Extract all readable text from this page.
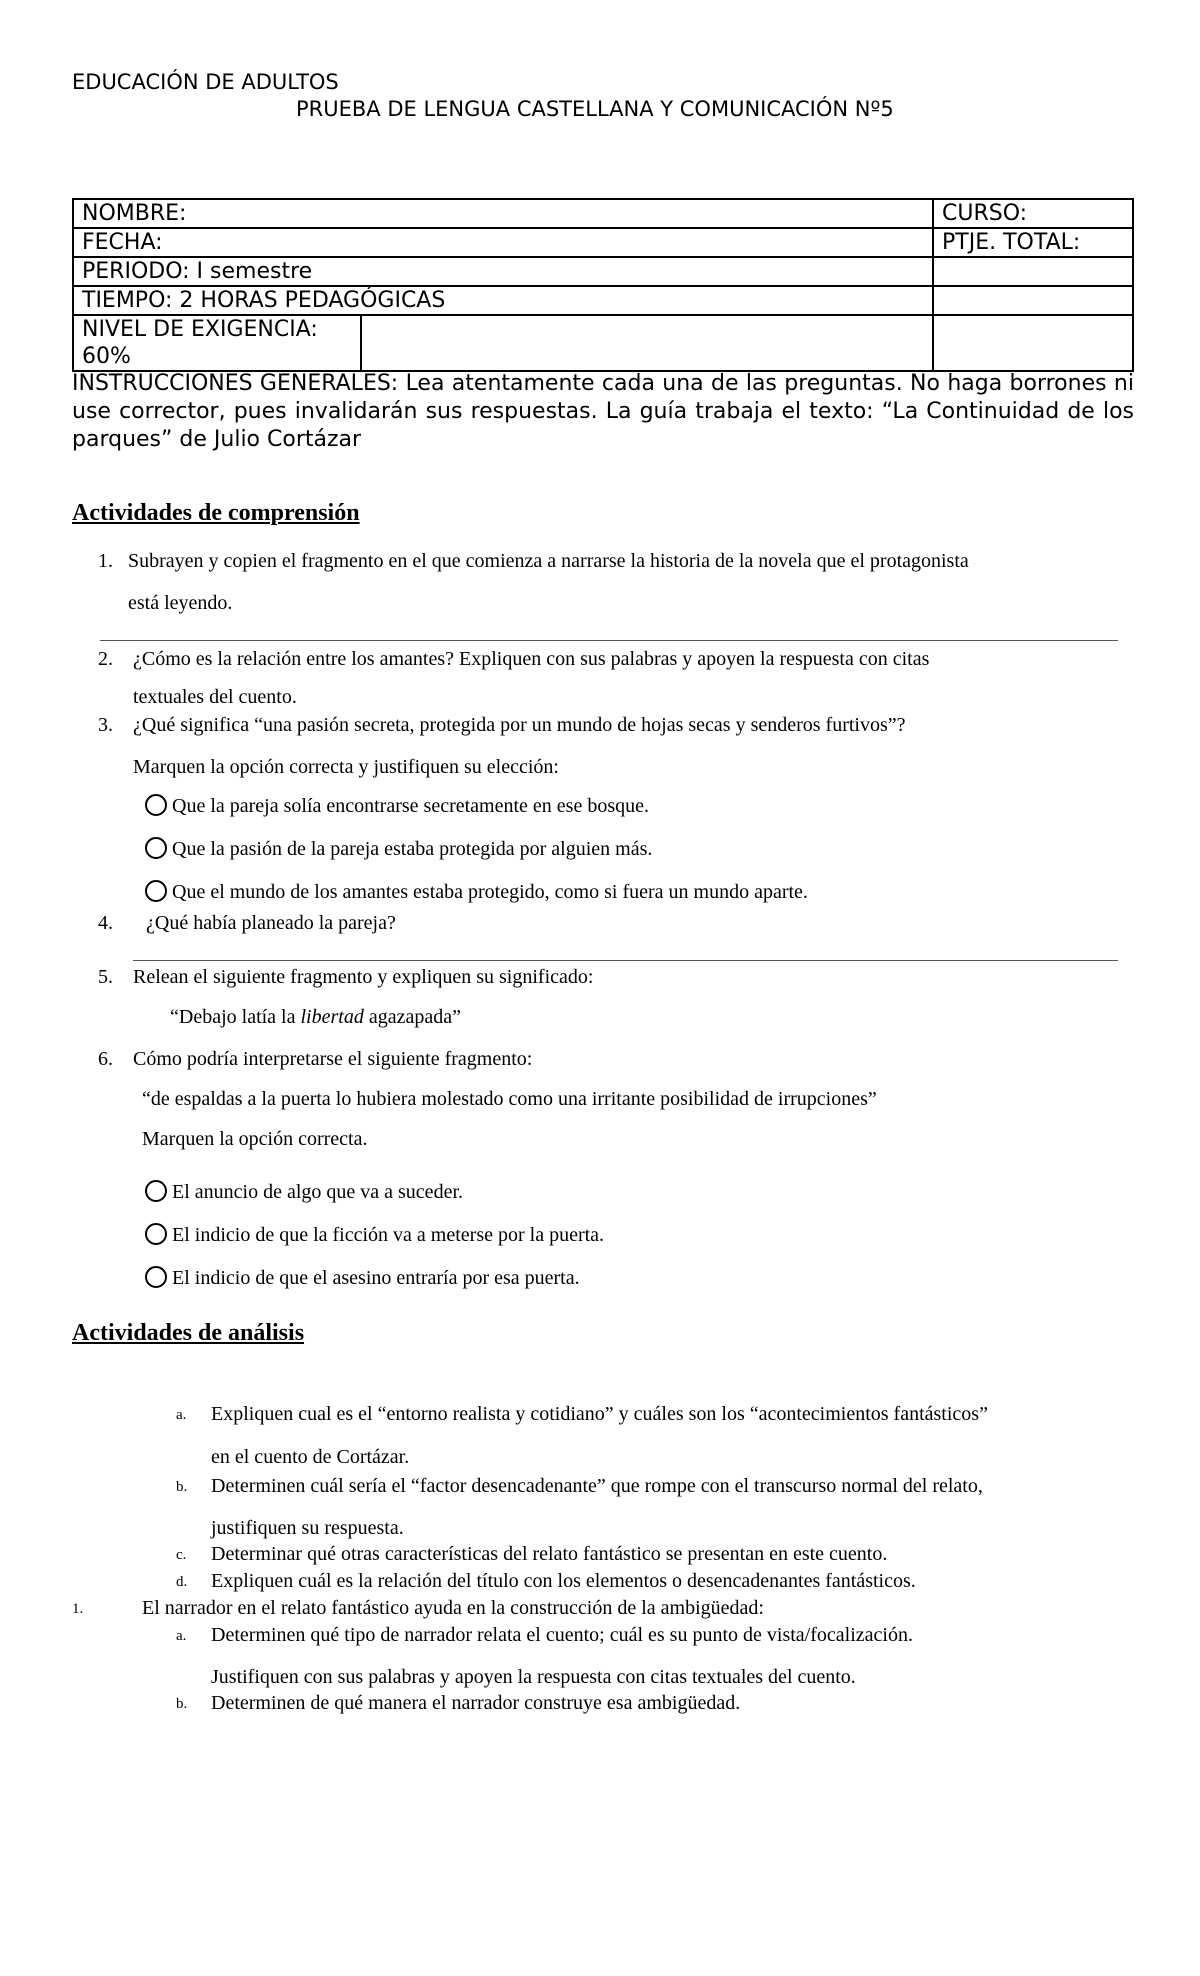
EDUCACIÓN DE ADULTOS
PRUEBA DE LENGUA CASTELLANA Y COMUNICACIÓN Nº5
NOMBRE:		CURSO:
FECHA:		PTJE. TOTAL:
PERIODO: I semestre		
TIEMPO: 2 HORAS PEDAGÓGICAS		
NIVEL DE EXIGENCIA:
60%		
INSTRUCCIONES GENERALES: Lea atentamente cada una de las preguntas. No haga borrones ni use corrector, pues invalidarán sus respuestas. La guía trabaja el texto: “La Continuidad de los parques” de Julio Cortázar
Actividades de comprensión
1. Subrayen y copien el fragmento en el que comienza a narrarse la historia de la novela que el protagonista
está leyendo.
2. ¿Cómo es la relación entre los amantes? Expliquen con sus palabras y apoyen la respuesta con citas
textuales del cuento.
3. ¿Qué significa “una pasión secreta, protegida por un mundo de hojas secas y senderos furtivos”?
Marquen la opción correcta y justifiquen su elección:
Que la pareja solía encontrarse secretamente en ese bosque.
Que la pasión de la pareja estaba protegida por alguien más.
Que el mundo de los amantes estaba protegido, como si fuera un mundo aparte.
4. ¿Qué había planeado la pareja?
5. Relean el siguiente fragmento y expliquen su significado:
“Debajo latía la libertad agazapada”
6. Cómo podría interpretarse el siguiente fragmento:
“de espaldas a la puerta lo hubiera molestado como una irritante posibilidad de irrupciones”
Marquen la opción correcta.
El anuncio de algo que va a suceder.
El indicio de que la ficción va a meterse por la puerta.
El indicio de que el asesino entraría por esa puerta.
Actividades de análisis
a. Expliquen cual es el “entorno realista y cotidiano” y cuáles son los “acontecimientos fantásticos”
en el cuento de Cortázar.
b. Determinen cuál sería el “factor desencadenante” que rompe con el transcurso normal del relato,
justifiquen su respuesta.
c. Determinar qué otras características del relato fantástico se presentan en este cuento.
d. Expliquen cuál es la relación del título con los elementos o desencadenantes fantásticos.
1.	El narrador en el relato fantástico ayuda en la construcción de la ambigüedad:
a. Determinen qué tipo de narrador relata el cuento; cuál es su punto de vista/focalización.
Justifiquen con sus palabras y apoyen la respuesta con citas textuales del cuento.
b. Determinen de qué manera el narrador construye esa ambigüedad.
